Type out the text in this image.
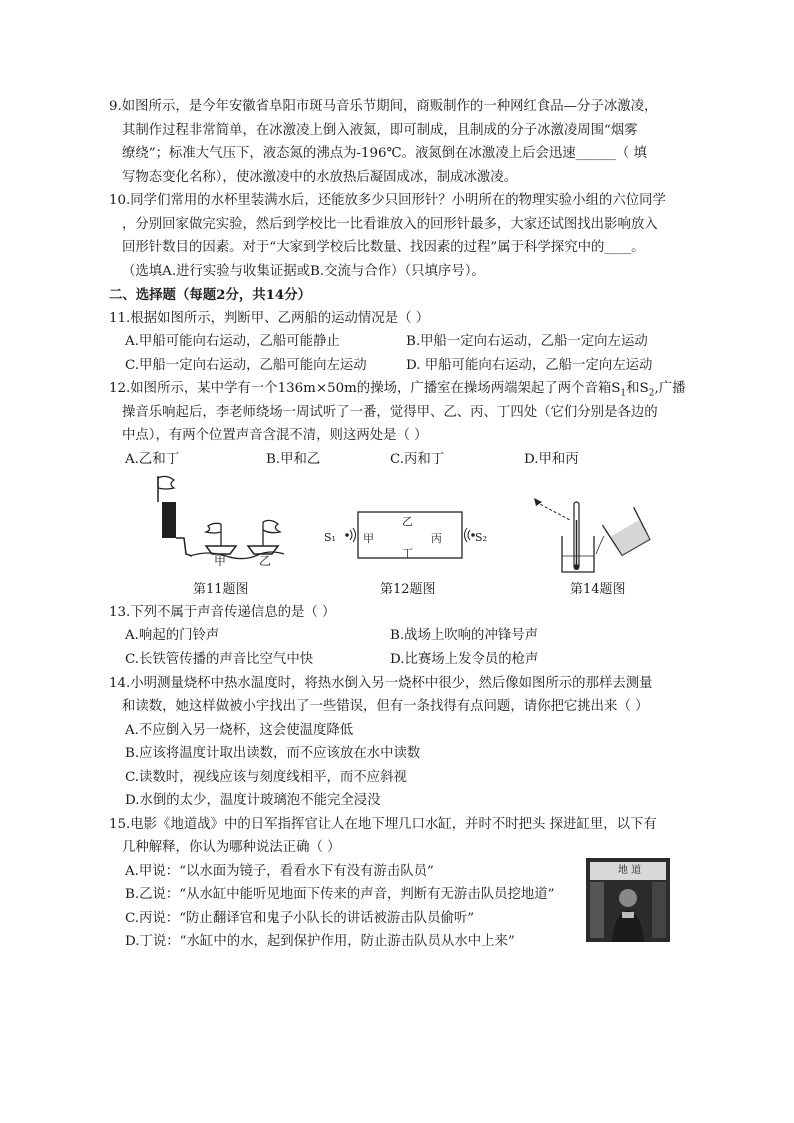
9.如图所示，是今年安徽省阜阳市斑马音乐节期间，商贩制作的一种网红食品—分子冰激凌，
其制作过程非常简单，在冰激凌上倒入液氮，即可制成，且制成的分子冰激凌周围“烟雾
缭绕”；标准大气压下，液态氮的沸点为-196℃。液氮倒在冰激凌上后会迅速______（ 填
写物态变化名称），使冰激凌中的水放热后凝固成冰，制成冰激凌。
10.同学们常用的水杯里装满水后，还能放多少只回形针？小明所在的物理实验小组的六位同学
，分别回家做完实验，然后到学校比一比看谁放入的回形针最多，大家还试图找出影响放入
回形针数目的因素。对于“大家到学校后比数量、找因素的过程”属于科学探究中的____。
（选填A.进行实验与收集证据或B.交流与合作）（只填序号）。
二、选择题（每题2分，共14分）
11.根据如图所示，判断甲、乙两船的运动情况是（ ）
A.甲船可能向右运动，乙船可能静止	B.甲船一定向右运动，乙船一定向左运动
C.甲船一定向右运动，乙船可能向左运动	D. 甲船可能向右运动，乙船一定向左运动
12.如图所示，某中学有一个136m×50m的操场，广播室在操场两端架起了两个音箱$S_1$和$S_2$,广播
操音乐响起后，李老师绕场一周试听了一番，觉得甲、乙、丙、丁四处（它们分别是各边的
中点），有两个位置声音含混不清，则这两处是（ ）
A.乙和丁	B.甲和乙	C.丙和丁	D.甲和丙
甲	乙
第11题图
S₁	S₂
甲
乙
丙
丁
第12题图	第14题图
13.下列不属于声音传递信息的是（ ）
A.响起的门铃声	B.战场上吹响的冲锋号声
C.长铁管传播的声音比空气中快	D.比赛场上发令员的枪声
14.小明测量烧杯中热水温度时，将热水倒入另一烧杯中很少，然后像如图所示的那样去测量
和读数，她这样做被小宇找出了一些错误，但有一条找得有点问题，请你把它挑出来（ ）
A.不应倒入另一烧杯，这会使温度降低
B.应该将温度计取出读数，而不应该放在水中读数
C.读数时，视线应该与刻度线相平，而不应斜视
D.水倒的太少，温度计玻璃泡不能完全浸没
15.电影《地道战》中的日军指挥官让人在地下埋几口水缸，并时不时把头 探进缸里，以下有
几种解释，你认为哪种说法正确（ ）
A.甲说：“以水面为镜子，看看水下有没有游击队员”
B.乙说：“从水缸中能听见地面下传来的声音，判断有无游击队员挖地道”
C.丙说：“防止翻译官和鬼子小队长的讲话被游击队员偷听”
D.丁说：“水缸中的水，起到保护作用，防止游击队员从水中上来”
地 道
